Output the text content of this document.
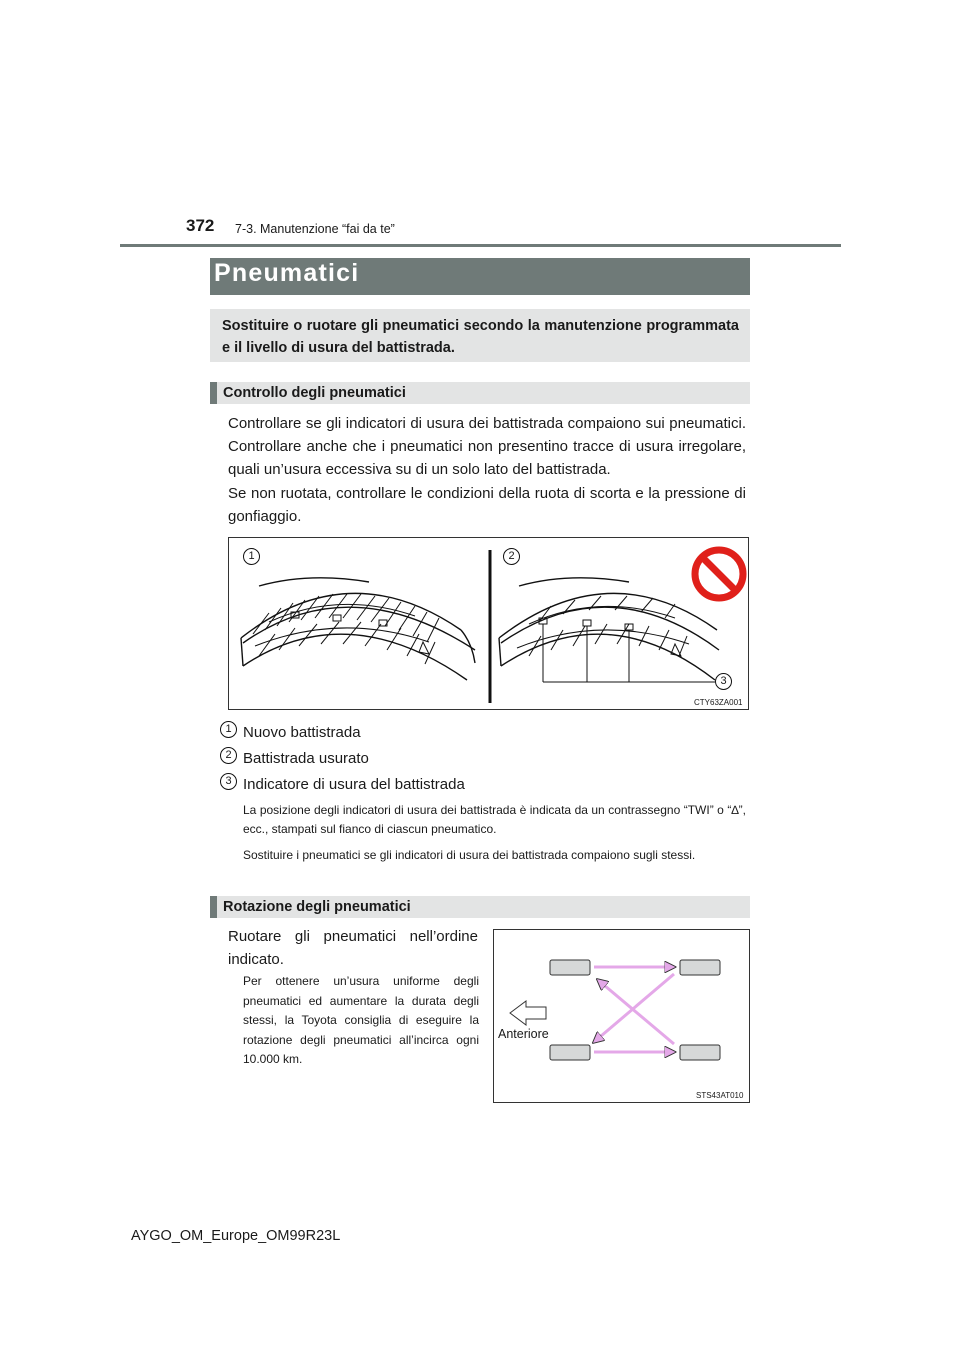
372 7-3. Manutenzione “fai da te”
Pneumatici
Sostituire o ruotare gli pneumatici secondo la manutenzione programmata e il livello di usura del battistrada.
Controllo degli pneumatici

Controllare se gli indicatori di usura dei battistrada compaiono sui pneumatici. Controllare anche che i pneumatici non presentino tracce di usura irregolare, quali un’usura eccessiva su di un solo lato del battistrada.

Se non ruotata, controllare le condizioni della ruota di scorta e la pressione di gonfiaggio.

1	2
3
CTY63ZA001
1 Nuovo battistrada
2 Battistrada usurato
3 Indicatore di usura del battistrada

La posizione degli indicatori di usura dei battistrada è indicata da un contrassegno “TWI” o “∆”, ecc., stampati sul fianco di ciascun pneumatico.

Sostituire i pneumatici se gli indicatori di usura dei battistrada compaiono sugli stessi.

Rotazione degli pneumatici

Ruotare gli pneumatici nell’ordine indicato.

Per ottenere un’usura uniforme degli pneumatici ed aumentare la durata degli stessi, la Toyota consiglia di eseguire la rotazione degli pneumatici all’incirca ogni 10.000 km.

Anteriore
STS43AT010
AYGO_OM_Europe_OM99R23L
